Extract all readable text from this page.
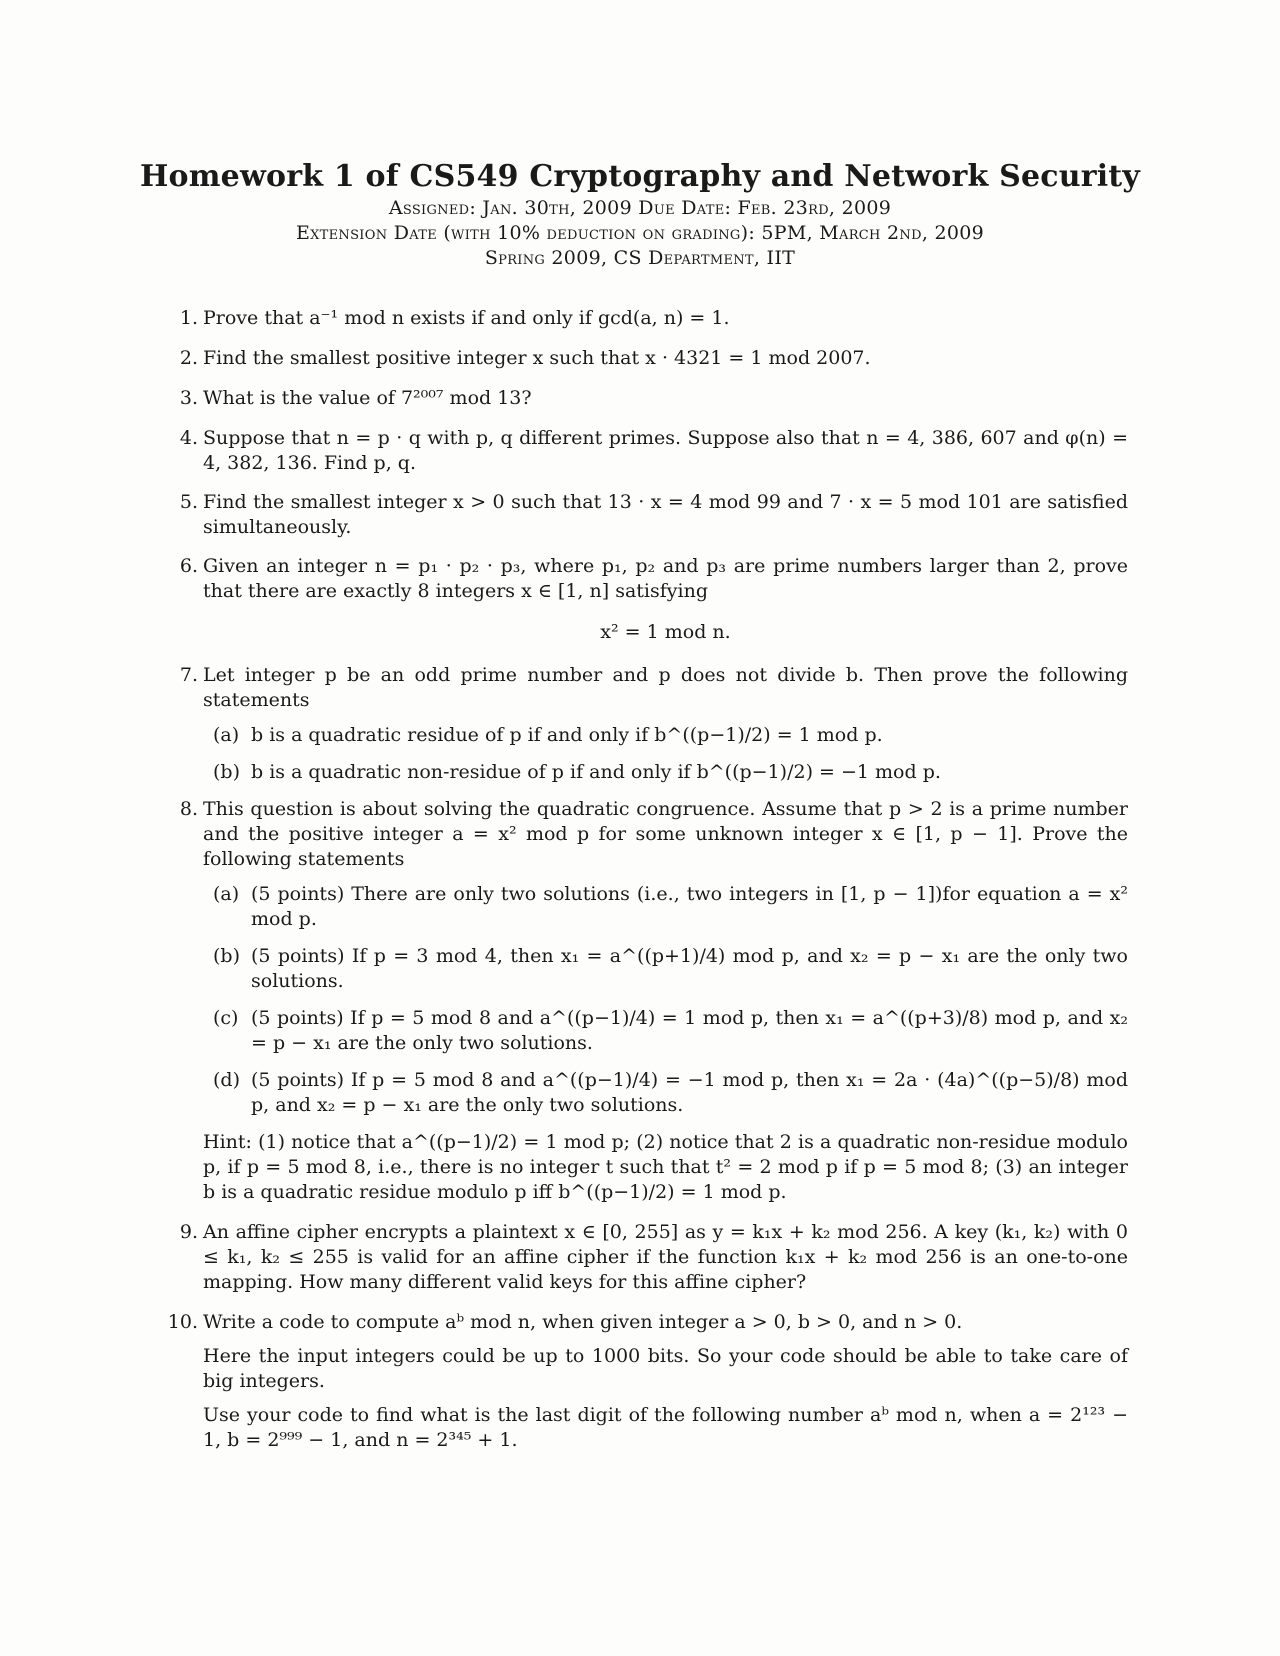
Homework 1 of CS549 Cryptography and Network Security
Assigned: Jan. 30th, 2009 Due Date: Feb. 23rd, 2009
Extension Date (with 10% deduction on grading): 5PM, March 2nd, 2009
Spring 2009, CS Department, IIT
1. Prove that a⁻¹ mod n exists if and only if gcd(a, n) = 1.
2. Find the smallest positive integer x such that x · 4321 = 1 mod 2007.
3. What is the value of 7²⁰⁰⁷ mod 13?
4. Suppose that n = p · q with p, q different primes. Suppose also that n = 4, 386, 607 and φ(n) = 4, 382, 136. Find p, q.
5. Find the smallest integer x > 0 such that 13 · x = 4 mod 99 and 7 · x = 5 mod 101 are satisfied simultaneously.
6. Given an integer n = p₁ · p₂ · p₃, where p₁, p₂ and p₃ are prime numbers larger than 2, prove that there are exactly 8 integers x ∈ [1, n] satisfying
x² = 1 mod n.
7. Let integer p be an odd prime number and p does not divide b. Then prove the following statements
(a) b is a quadratic residue of p if and only if b^((p−1)/2) = 1 mod p.
(b) b is a quadratic non-residue of p if and only if b^((p−1)/2) = −1 mod p.
8. This question is about solving the quadratic congruence. Assume that p > 2 is a prime number and the positive integer a = x² mod p for some unknown integer x ∈ [1, p − 1]. Prove the following statements
(a) (5 points) There are only two solutions (i.e., two integers in [1, p − 1])for equation a = x² mod p.
(b) (5 points) If p = 3 mod 4, then x₁ = a^((p+1)/4) mod p, and x₂ = p − x₁ are the only two solutions.
(c) (5 points) If p = 5 mod 8 and a^((p−1)/4) = 1 mod p, then x₁ = a^((p+3)/8) mod p, and x₂ = p − x₁ are the only two solutions.
(d) (5 points) If p = 5 mod 8 and a^((p−1)/4) = −1 mod p, then x₁ = 2a · (4a)^((p−5)/8) mod p, and x₂ = p − x₁ are the only two solutions.
Hint: (1) notice that a^((p−1)/2) = 1 mod p; (2) notice that 2 is a quadratic non-residue modulo p, if p = 5 mod 8, i.e., there is no integer t such that t² = 2 mod p if p = 5 mod 8; (3) an integer b is a quadratic residue modulo p iff b^((p−1)/2) = 1 mod p.
9. An affine cipher encrypts a plaintext x ∈ [0, 255] as y = k₁x + k₂ mod 256. A key (k₁, k₂) with 0 ≤ k₁, k₂ ≤ 255 is valid for an affine cipher if the function k₁x + k₂ mod 256 is an one-to-one mapping. How many different valid keys for this affine cipher?
10. Write a code to compute aᵇ mod n, when given integer a > 0, b > 0, and n > 0.
Here the input integers could be up to 1000 bits. So your code should be able to take care of big integers.
Use your code to find what is the last digit of the following number aᵇ mod n, when a = 2¹²³ − 1, b = 2⁹⁹⁹ − 1, and n = 2³⁴⁵ + 1.
